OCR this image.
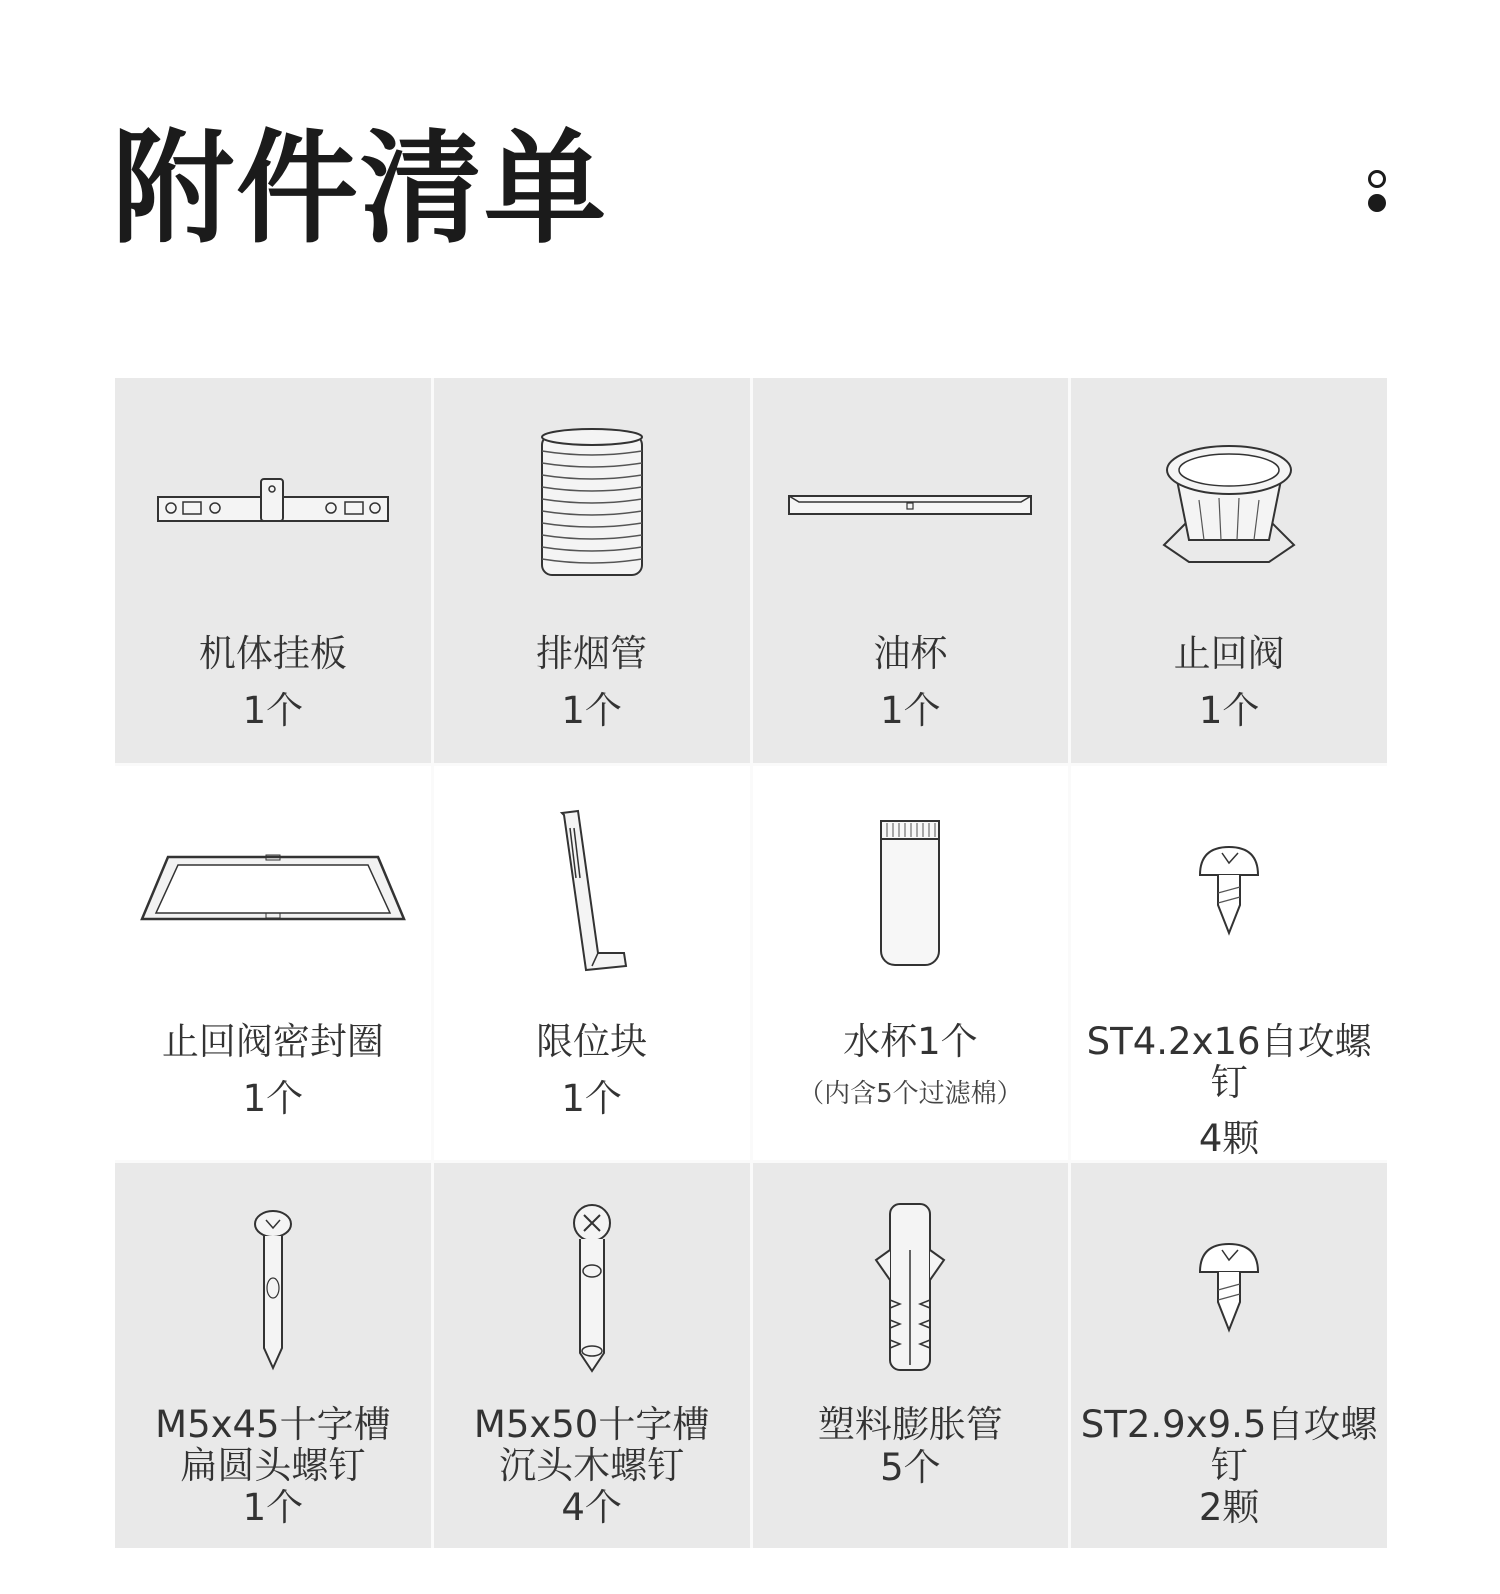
附件清单
机体挂板
1个
排烟管
1个
油杯
1个
止回阀
1个
止回阀密封圈
1个
限位块
1个
水杯1个
（内含5个过滤棉）
ST4.2x16自攻螺钉
4颗
M5x45十字槽
扁圆头螺钉
1个
M5x50十字槽
沉头木螺钉
4个
塑料膨胀管
5个
ST2.9x9.5自攻螺钉
2颗
